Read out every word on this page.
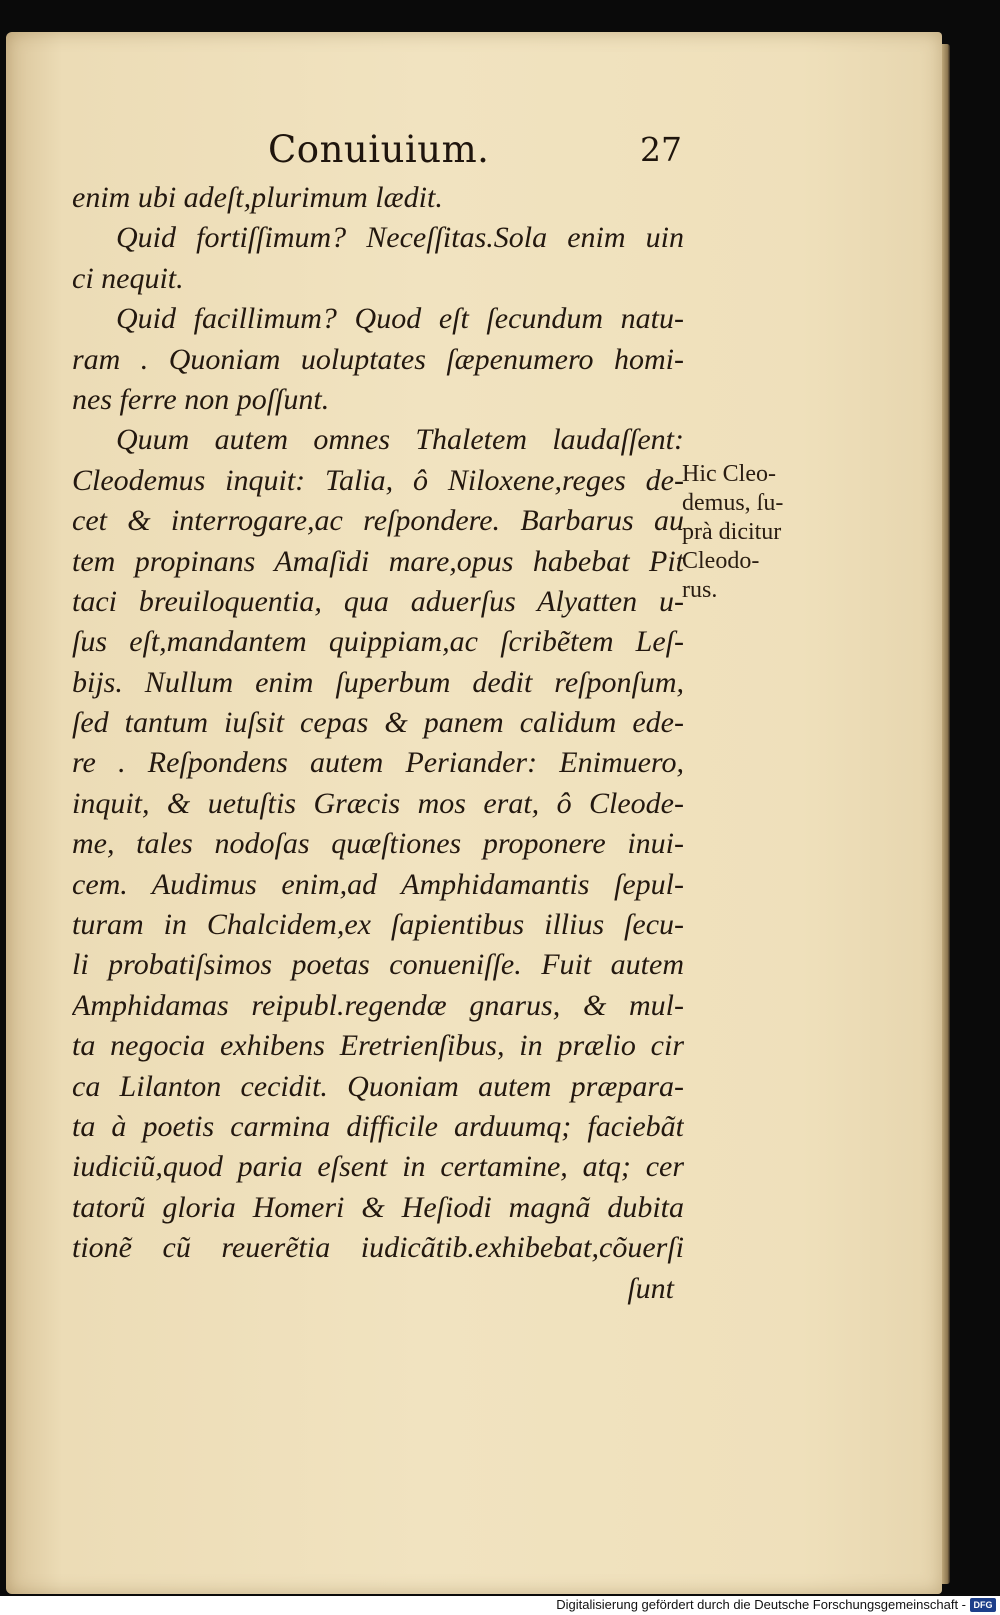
Conuiuium.	27
enim ubi adeſt,plurimum lædit.
Quid fortiſſimum? Neceſſitas.Sola enim uin
ci nequit.
Quid facillimum? Quod eſt ſecundum natu-
ram . Quoniam uoluptates ſæpenumero homi-
nes ferre non poſſunt.
Quum autem omnes Thaletem laudaſſent:
Cleodemus inquit: Talia, ô Niloxene,reges de-
cet & interrogare,ac reſpondere. Barbarus au
tem propinans Amaſidi mare,opus habebat Pit
taci breuiloquentia, qua aduerſus Alyatten u-
ſus eſt,mandantem quippiam,ac ſcribẽtem Leſ-
bijs. Nullum enim ſuperbum dedit reſponſum,
ſed tantum iuſsit cepas & panem calidum ede-
re . Reſpondens autem Periander: Enimuero,
inquit, & uetuſtis Græcis mos erat, ô Cleode-
me, tales nodoſas quæſtiones proponere inui-
cem. Audimus enim,ad Amphidamantis ſepul-
turam in Chalcidem,ex ſapientibus illius ſecu-
li probatiſsimos poetas conueniſſe. Fuit autem
Amphidamas reipubl.regendæ gnarus, & mul-
ta negocia exhibens Eretrienſibus, in prælio cir
ca Lilanton cecidit. Quoniam autem præpara-
ta à poetis carmina difficile arduumq; faciebãt
iudiciũ,quod paria eſsent in certamine, atq; cer
tatorũ gloria Homeri & Heſiodi magnã dubita
tionẽ cũ reuerẽtia iudicãtib.exhibebat,cõuerſi
ſunt
Hic Cleo-
demus, ſu-
prà dicitur
Cleodo-
rus.
Digitalisierung gefördert durch die Deutsche Forschungsgemeinschaft - DFG
